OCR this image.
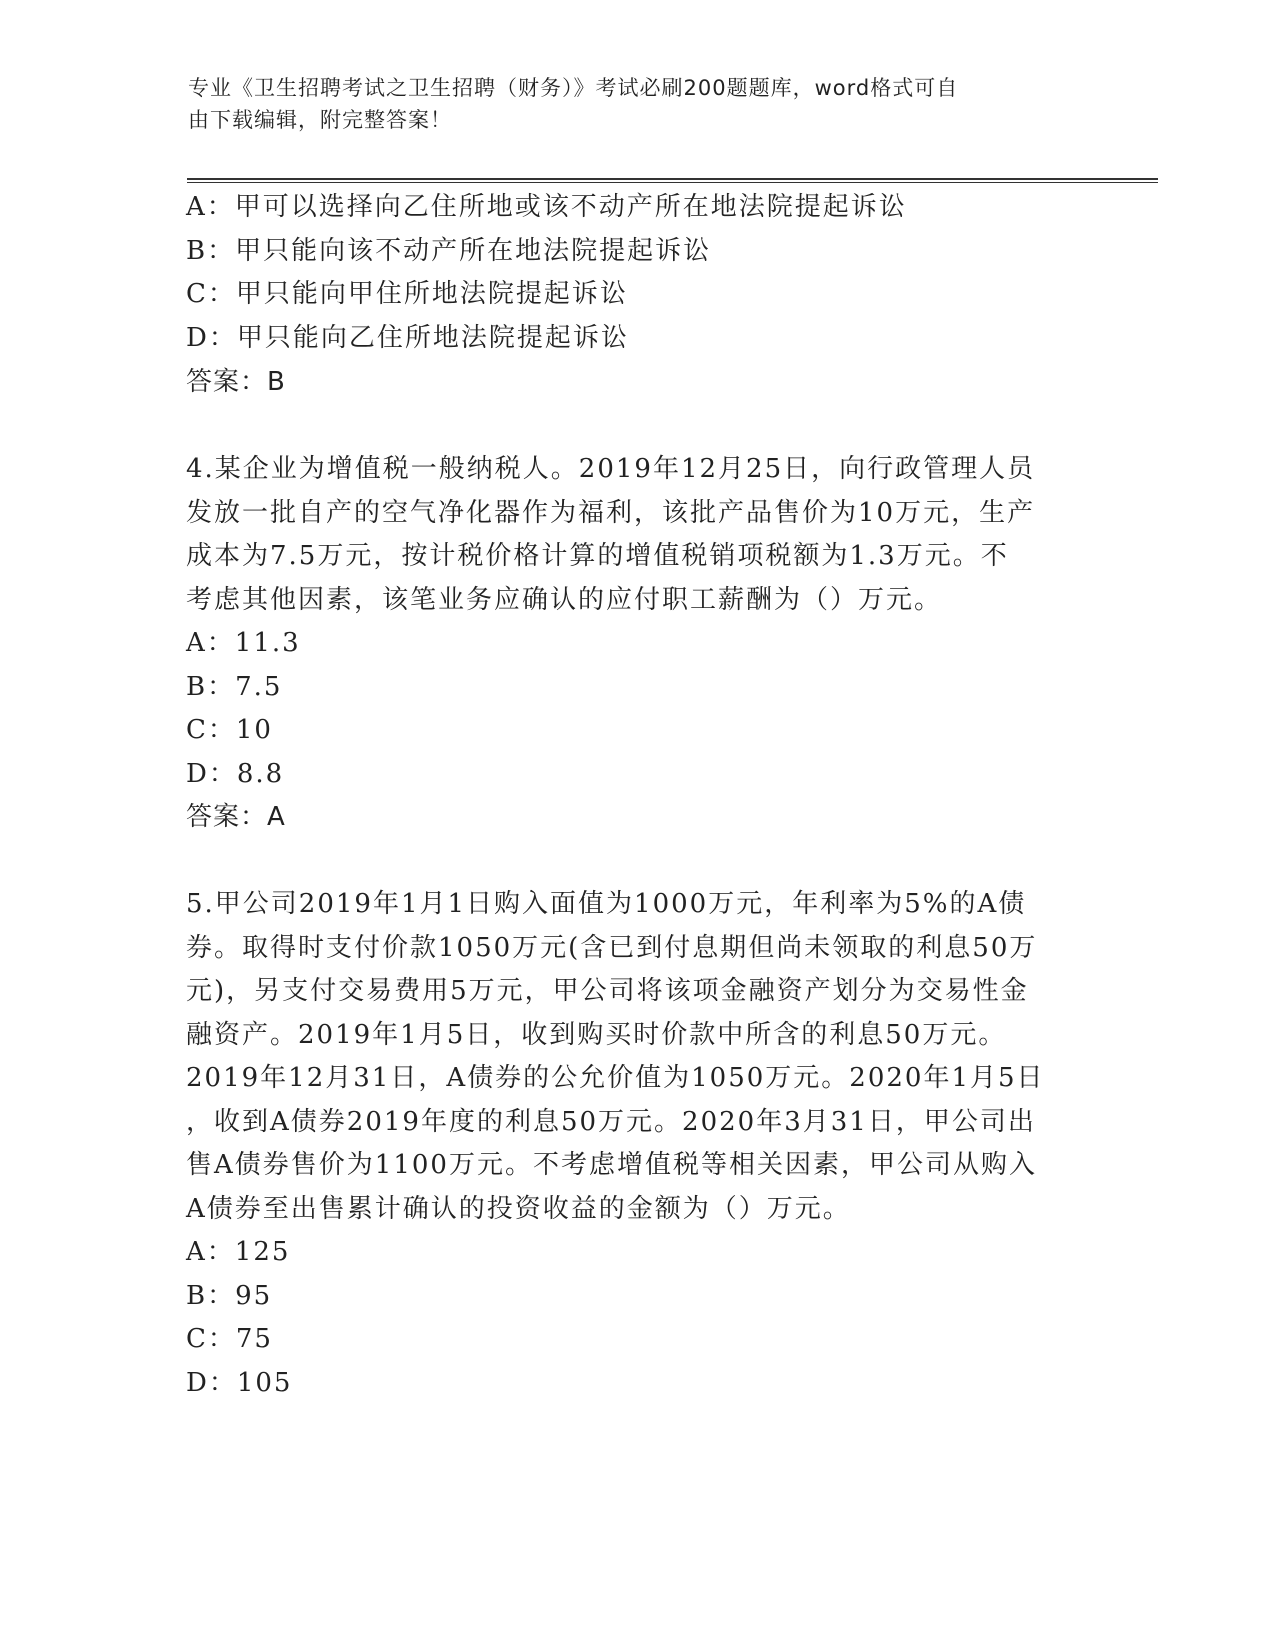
专业《卫生招聘考试之卫生招聘（财务）》考试必刷200题题库，word格式可自
由下载编辑，附完整答案！
A：甲可以选择向乙住所地或该不动产所在地法院提起诉讼
B：甲只能向该不动产所在地法院提起诉讼
C：甲只能向甲住所地法院提起诉讼
D：甲只能向乙住所地法院提起诉讼
答案：B
4.某企业为增值税一般纳税人。2019年12月25日，向行政管理人员
发放一批自产的空气净化器作为福利，该批产品售价为10万元，生产
成本为7.5万元，按计税价格计算的增值税销项税额为1.3万元。不
考虑其他因素，该笔业务应确认的应付职工薪酬为（）万元。
A：11.3
B：7.5
C：10
D：8.8
答案：A
5.甲公司2019年1月1日购入面值为1000万元，年利率为5%的A债
券。取得时支付价款1050万元(含已到付息期但尚未领取的利息50万
元)，另支付交易费用5万元，甲公司将该项金融资产划分为交易性金
融资产。2019年1月5日，收到购买时价款中所含的利息50万元。
2019年12月31日，A债券的公允价值为1050万元。2020年1月5日
，收到A债券2019年度的利息50万元。2020年3月31日，甲公司出
售A债券售价为1100万元。不考虑增值税等相关因素，甲公司从购入
A债券至出售累计确认的投资收益的金额为（）万元。
A：125
B：95
C：75
D：105
